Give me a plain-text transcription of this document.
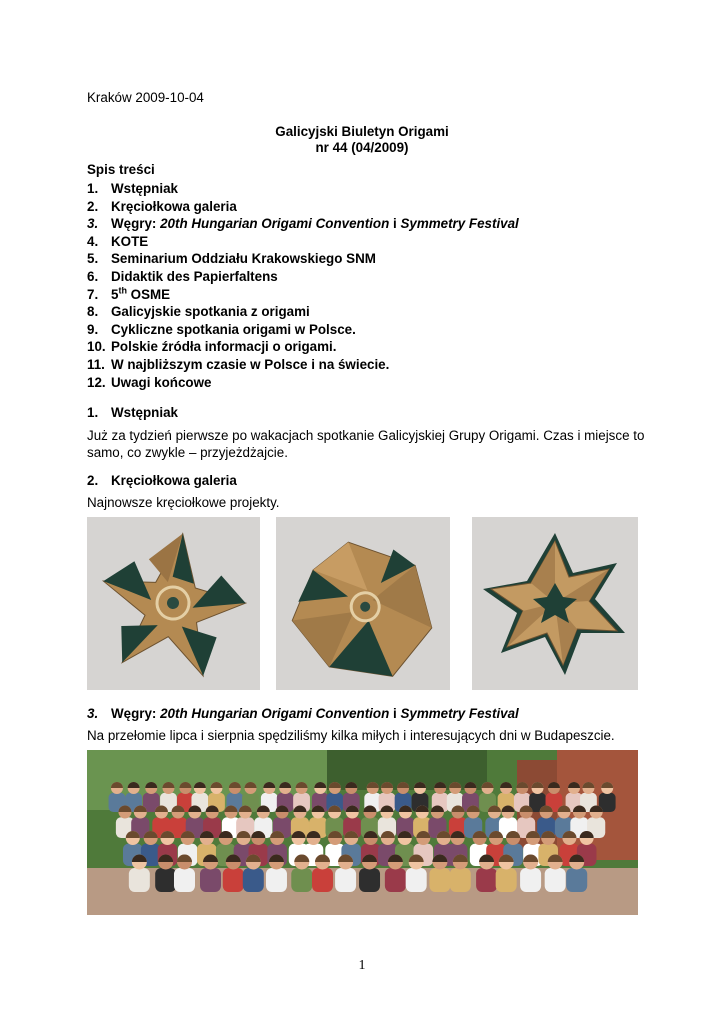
Kraków 2009-10-04

Galicyjski Biuletyn Origami

nr 44 (04/2009)

Spis treści

1. Wstępniak
2. Kręciołkowa galeria
3. Węgry: 20th Hungarian Origami Convention i Symmetry Festival
4. KOTE
5. Seminarium Oddziału Krakowskiego SNM
6. Didaktik des Papierfaltens
7. 5th OSME
8. Galicyjskie spotkania z origami
9. Cykliczne spotkania origami w Polsce.
10. Polskie źródła informacji o origami.
11. W najbliższym czasie w Polsce i na świecie.
12. Uwagi końcowe

1. Wstępniak

Już za tydzień pierwsze po wakacjach spotkanie Galicyjskiej Grupy Origami. Czas i miejsce to samo, co zwykle – przyjeżdżajcie.

2. Kręciołkowa galeria

Najnowsze kręciołkowe projekty.

3. Węgry: 20th Hungarian Origami Convention i Symmetry Festival

Na przełomie lipca i sierpnia spędziliśmy kilka miłych i interesujących dni w Budapeszcie.

1
